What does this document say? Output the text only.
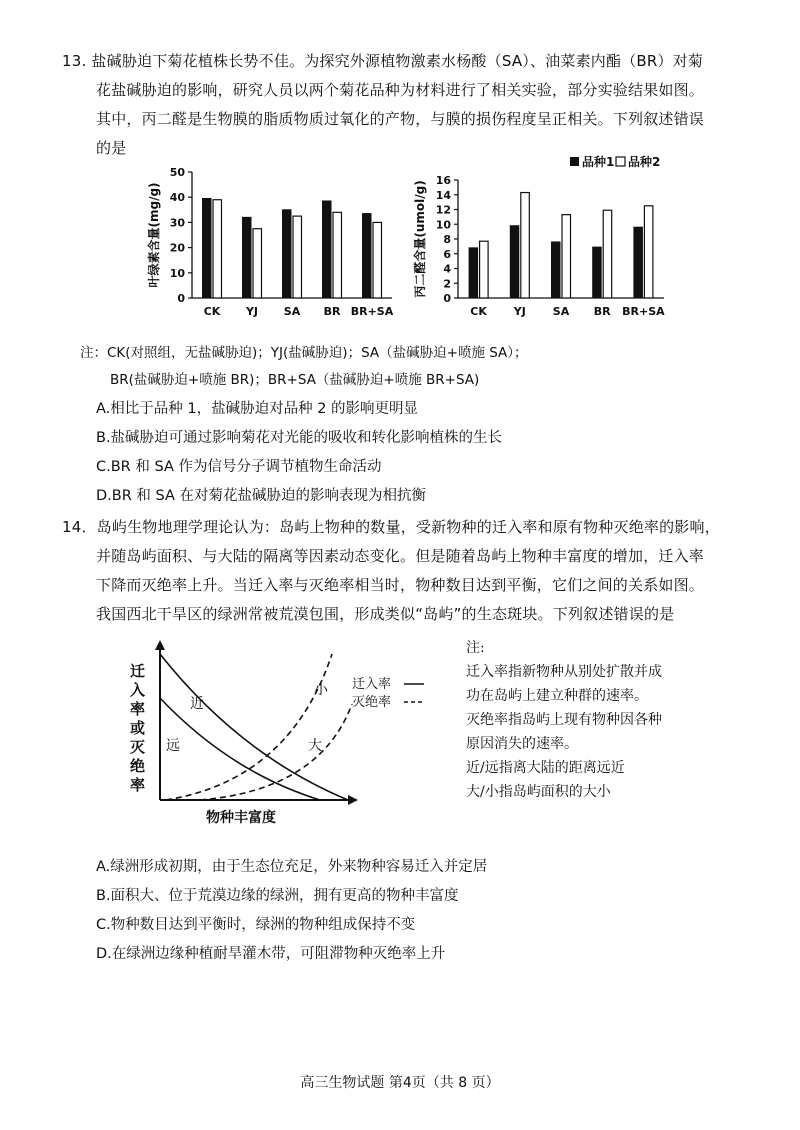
13. 盐碱胁迫下菊花植株长势不佳。为探究外源植物激素水杨酸（SA）、油菜素内酯（BR）对菊
花盐碱胁迫的影响，研究人员以两个菊花品种为材料进行了相关实验，部分实验结果如图。
其中，丙二醛是生物膜的脂质物质过氧化的产物，与膜的损伤程度呈正相关。下列叙述错误
的是
0
10
20
30
40
50
叶绿素含量(mg/g)
CK YJ SA BR BR+SA
0
2
4
6
8
10
12
14
16
丙二醛含量(umol/g)
CK YJ SA BR BR+SA
品种1 品种2
注：CK(对照组，无盐碱胁迫)；YJ(盐碱胁迫)；SA（盐碱胁迫+喷施 SA）；
BR(盐碱胁迫+喷施 BR)；BR+SA（盐碱胁迫+喷施 BR+SA)
A.相比于品种 1，盐碱胁迫对品种 2 的影响更明显
B.盐碱胁迫可通过影响菊花对光能的吸收和转化影响植株的生长
C.BR 和 SA 作为信号分子调节植物生命活动
D.BR 和 SA 在对菊花盐碱胁迫的影响表现为相抗衡
14．岛屿生物地理学理论认为：岛屿上物种的数量，受新物种的迁入率和原有物种灭绝率的影响，
并随岛屿面积、与大陆的隔离等因素动态变化。但是随着岛屿上物种丰富度的增加，迁入率
下降而灭绝率上升。当迁入率与灭绝率相当时，物种数目达到平衡，它们之间的关系如图。
我国西北干旱区的绿洲常被荒漠包围，形成类似“岛屿”的生态斑块。下列叙述错误的是
近
远
小
大
迁入率
灭绝率
迁入率或灭绝率
物种丰富度
注:
迁入率指新物种从别处扩散并成
功在岛屿上建立种群的速率。
灭绝率指岛屿上现有物种因各种
原因消失的速率。
近/远指离大陆的距离远近
大/小指岛屿面积的大小
A.绿洲形成初期，由于生态位充足，外来物种容易迁入并定居
B.面积大、位于荒漠边缘的绿洲，拥有更高的物种丰富度
C.物种数目达到平衡时，绿洲的物种组成保持不变
D.在绿洲边缘种植耐旱灌木带，可阻滞物种灭绝率上升
高三生物试题 第4页（共 8 页）
